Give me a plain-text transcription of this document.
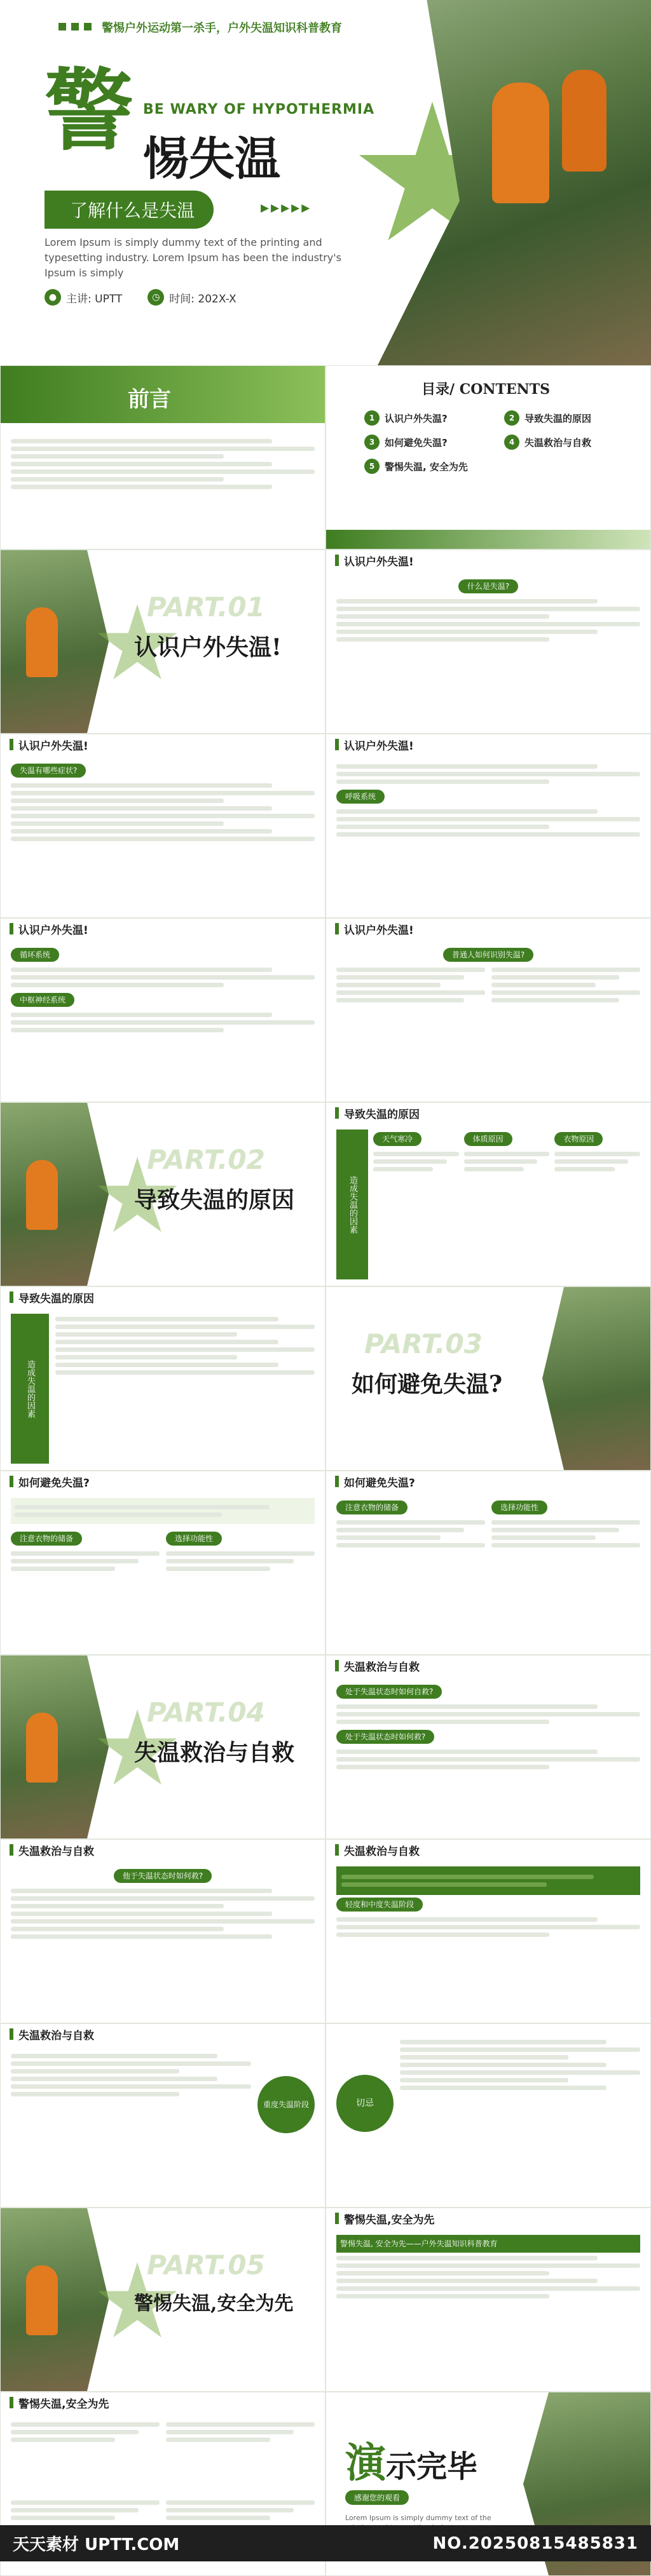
警惕户外运动第一杀手，户外失温知识科普教育
警 BE WARY OF HYPOTHERMIA
惕失温
了解什么是失温	▸▸▸▸▸
Lorem Ipsum is simply dummy text of the printing and typesetting industry. Lorem Ipsum has been the industry's Ipsum is simply
● 主讲: UPTT	◷ 时间: 202X-X
前言	目录/ CONTENTS
1	认识户外失温?	2	导致失温的原因
3	如何避免失温?	4	失温救治与自救
5	警惕失温, 安全为先
PART.01
认识户外失温!
认识户外失温!
什么是失温?
认识户外失温!
失温有哪些症状?
认识户外失温!
呼吸系统
认识户外失温!
循环系统
中枢神经系统
认识户外失温!
普通人如何识别失温?
PART.02
导致失温的原因
导致失温的原因
造成失温的因素
天气寒冷	体质原因	衣物原因
导致失温的原因
造成失温的因素
PART.03
如何避免失温?
如何避免失温?
注意衣物的储备	选择功能性
如何避免失温?
注意衣物的储备	选择功能性
PART.04
失温救治与自救
失温救治与自救
处于失温状态时如何自救?
处于失温状态时如何救?
失温救治与自救
他于失温状态时如何救?
失温救治与自救
轻度和中度失温阶段
失温救治与自救
重度失温阶段	切忌
PART.05
警惕失温,安全为先
警惕失温,安全为先
警惕失温, 安全为先——户外失温知识科普教育
警惕失温,安全为先
演示完毕
感谢您的观看
Lorem Ipsum is simply dummy text of the
天天素材 UPTT.COM	NO.20250815485831
